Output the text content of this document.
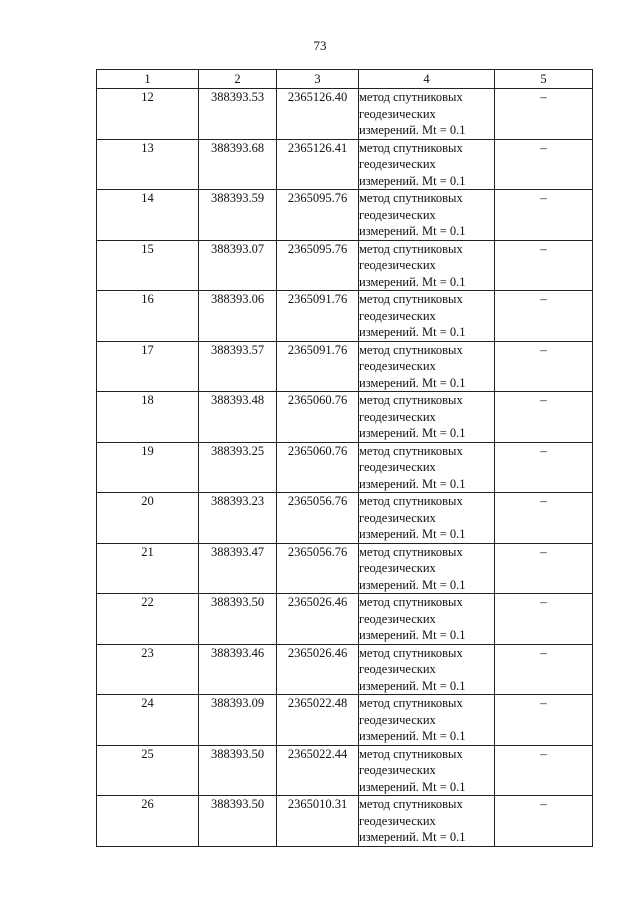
73
1	2	3	4	5
12	388393.53	2365126.40	метод спутниковых
геодезических
измерений. Mt = 0.1	–
13	388393.68	2365126.41	метод спутниковых
геодезических
измерений. Mt = 0.1	–
14	388393.59	2365095.76	метод спутниковых
геодезических
измерений. Mt = 0.1	–
15	388393.07	2365095.76	метод спутниковых
геодезических
измерений. Mt = 0.1	–
16	388393.06	2365091.76	метод спутниковых
геодезических
измерений. Mt = 0.1	–
17	388393.57	2365091.76	метод спутниковых
геодезических
измерений. Mt = 0.1	–
18	388393.48	2365060.76	метод спутниковых
геодезических
измерений. Mt = 0.1	–
19	388393.25	2365060.76	метод спутниковых
геодезических
измерений. Mt = 0.1	–
20	388393.23	2365056.76	метод спутниковых
геодезических
измерений. Mt = 0.1	–
21	388393.47	2365056.76	метод спутниковых
геодезических
измерений. Mt = 0.1	–
22	388393.50	2365026.46	метод спутниковых
геодезических
измерений. Mt = 0.1	–
23	388393.46	2365026.46	метод спутниковых
геодезических
измерений. Mt = 0.1	–
24	388393.09	2365022.48	метод спутниковых
геодезических
измерений. Mt = 0.1	–
25	388393.50	2365022.44	метод спутниковых
геодезических
измерений. Mt = 0.1	–
26	388393.50	2365010.31	метод спутниковых
геодезических
измерений. Mt = 0.1	–
